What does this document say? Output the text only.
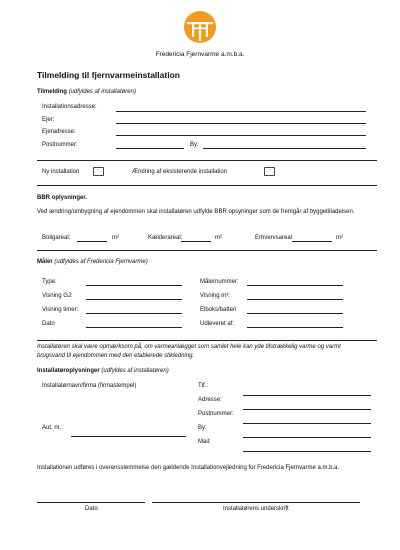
Fredericia Fjernvarme a.m.b.a.
Tilmelding til fjernvarmeinstallation
Tilmelding (udfyldes af installatøren)
Installationsadresse:
Ejer:
Ejeradresse:
Postnummer:	By:
Ny installation	Ændring af eksisterende installation
BBR oplysninger.
Ved ændring/ombygning af ejendommen skal installatøren udfylde BBR opsyninger som de fremgår af byggetilladelsen.
Boligareal:	m²	Kælderareal:	m²	Erhvervsareal	m²
Måler (udfyldes af Fredericia Fjernvarme)
Type:	Målernummer:
Visning GJ:	Visning m³:
Visning timer:	Elboks/batteri
Dato	Udleveret af:
Installatøren skal være opmærksom på, om varmeanlægget som samlet hele kan yde tilstrækkelig varme og varmt brugsvand til ejendommen med den etablerede stikledning.
Installatøroplysninger (udfyldes af installatøren)
Installatørnavn/firma (firmastempel)
Aut. nr.:
Tlf.:
Adresse:
Postnummer:
By:
Mail:
Installationen udføres i overensstemmelse den gældende Installationvejledning for Fredericia Fjernvarme a.m.b.a.
Dato	Installatørens underskrift
